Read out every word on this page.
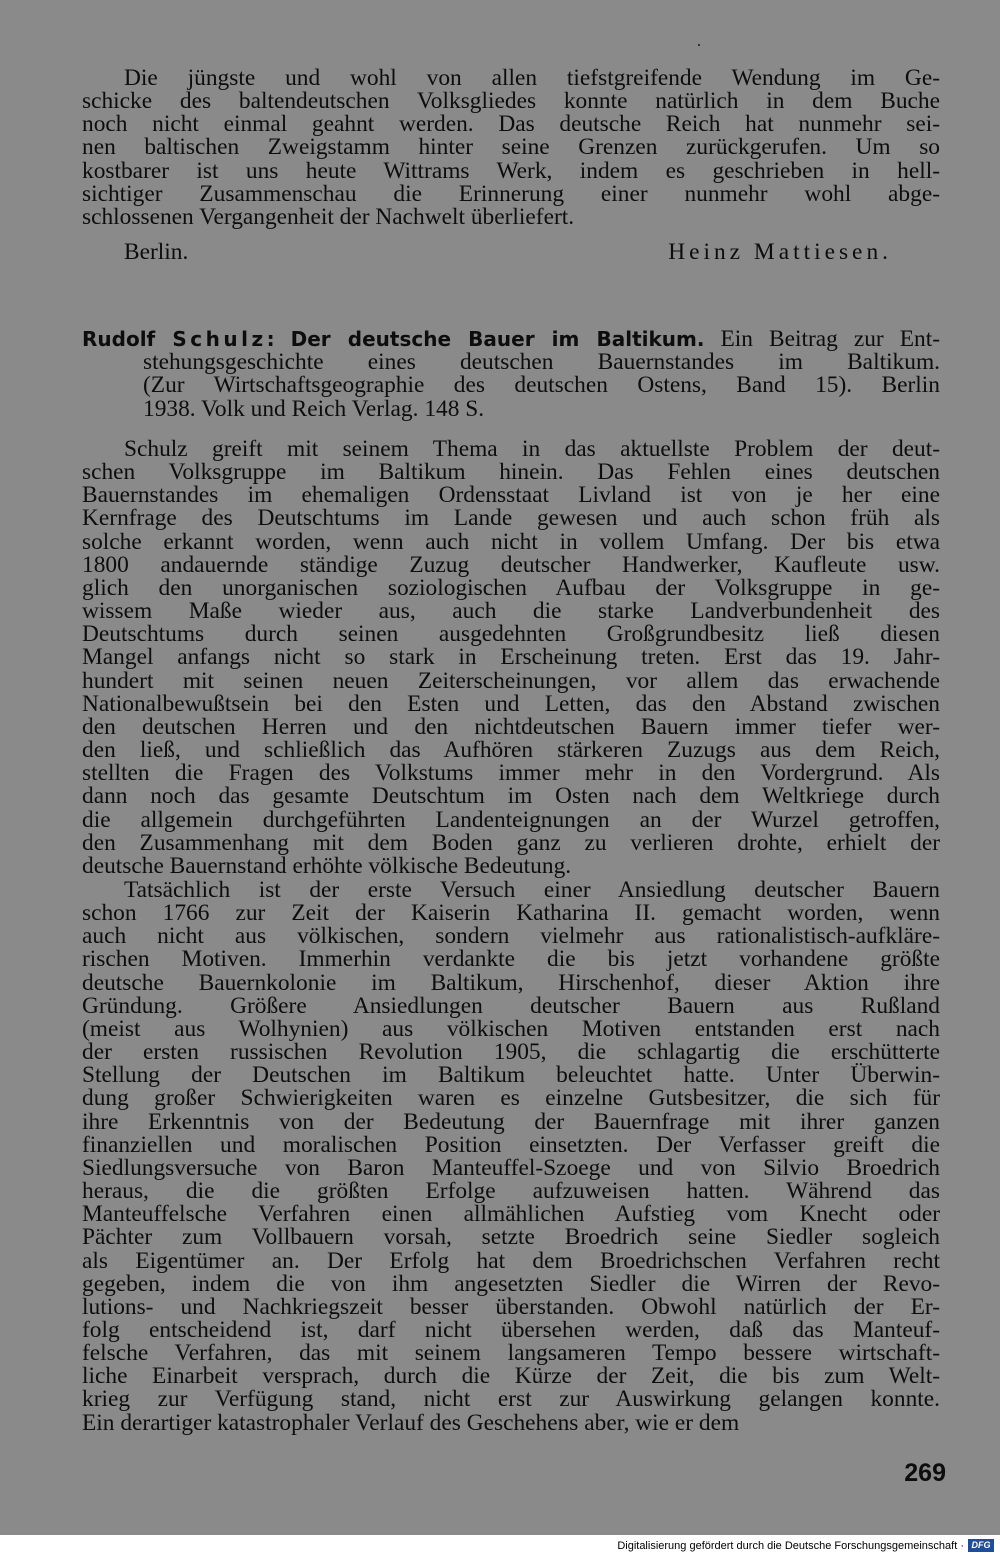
Die jüngste und wohl von allen tiefstgreifende Wendung im Ge-
schicke des baltendeutschen Volksgliedes konnte natürlich in dem Buche
noch nicht einmal geahnt werden. Das deutsche Reich hat nunmehr sei-
nen baltischen Zweigstamm hinter seine Grenzen zurückgerufen. Um so
kostbarer ist uns heute Wittrams Werk, indem es geschrieben in hell-
sichtiger Zusammenschau die Erinnerung einer nunmehr wohl abge-
schlossenen Vergangenheit der Nachwelt überliefert.
Berlin.	Heinz Mattiesen.
Rudolf Schulz: Der deutsche Bauer im Baltikum. Ein Beitrag zur Ent-
stehungsgeschichte eines deutschen Bauernstandes im Baltikum.
(Zur Wirtschaftsgeographie des deutschen Ostens, Band 15). Berlin
1938. Volk und Reich Verlag. 148 S.
Schulz greift mit seinem Thema in das aktuellste Problem der deut-
schen Volksgruppe im Baltikum hinein. Das Fehlen eines deutschen
Bauernstandes im ehemaligen Ordensstaat Livland ist von je her eine
Kernfrage des Deutschtums im Lande gewesen und auch schon früh als
solche erkannt worden, wenn auch nicht in vollem Umfang. Der bis etwa
1800 andauernde ständige Zuzug deutscher Handwerker, Kaufleute usw.
glich den unorganischen soziologischen Aufbau der Volksgruppe in ge-
wissem Maße wieder aus, auch die starke Landverbundenheit des
Deutschtums durch seinen ausgedehnten Großgrundbesitz ließ diesen
Mangel anfangs nicht so stark in Erscheinung treten. Erst das 19. Jahr-
hundert mit seinen neuen Zeiterscheinungen, vor allem das erwachende
Nationalbewußtsein bei den Esten und Letten, das den Abstand zwischen
den deutschen Herren und den nichtdeutschen Bauern immer tiefer wer-
den ließ, und schließlich das Aufhören stärkeren Zuzugs aus dem Reich,
stellten die Fragen des Volkstums immer mehr in den Vordergrund. Als
dann noch das gesamte Deutschtum im Osten nach dem Weltkriege durch
die allgemein durchgeführten Landenteignungen an der Wurzel getroffen,
den Zusammenhang mit dem Boden ganz zu verlieren drohte, erhielt der
deutsche Bauernstand erhöhte völkische Bedeutung.
Tatsächlich ist der erste Versuch einer Ansiedlung deutscher Bauern
schon 1766 zur Zeit der Kaiserin Katharina II. gemacht worden, wenn
auch nicht aus völkischen, sondern vielmehr aus rationalistisch-aufkläre-
rischen Motiven. Immerhin verdankte die bis jetzt vorhandene größte
deutsche Bauernkolonie im Baltikum, Hirschenhof, dieser Aktion ihre
Gründung. Größere Ansiedlungen deutscher Bauern aus Rußland
(meist aus Wolhynien) aus völkischen Motiven entstanden erst nach
der ersten russischen Revolution 1905, die schlagartig die erschütterte
Stellung der Deutschen im Baltikum beleuchtet hatte. Unter Überwin-
dung großer Schwierigkeiten waren es einzelne Gutsbesitzer, die sich für
ihre Erkenntnis von der Bedeutung der Bauernfrage mit ihrer ganzen
finanziellen und moralischen Position einsetzten. Der Verfasser greift die
Siedlungsversuche von Baron Manteuffel-Szoege und von Silvio Broedrich
heraus, die die größten Erfolge aufzuweisen hatten. Während das
Manteuffelsche Verfahren einen allmählichen Aufstieg vom Knecht oder
Pächter zum Vollbauern vorsah, setzte Broedrich seine Siedler sogleich
als Eigentümer an. Der Erfolg hat dem Broedrichschen Verfahren recht
gegeben, indem die von ihm angesetzten Siedler die Wirren der Revo-
lutions- und Nachkriegszeit besser überstanden. Obwohl natürlich der Er-
folg entscheidend ist, darf nicht übersehen werden, daß das Manteuf-
felsche Verfahren, das mit seinem langsameren Tempo bessere wirtschaft-
liche Einarbeit versprach, durch die Kürze der Zeit, die bis zum Welt-
krieg zur Verfügung stand, nicht erst zur Auswirkung gelangen konnte.
Ein derartiger katastrophaler Verlauf des Geschehens aber, wie er dem
269
Digitalisierung gefördert durch die Deutsche Forschungsgemeinschaft · DFG
